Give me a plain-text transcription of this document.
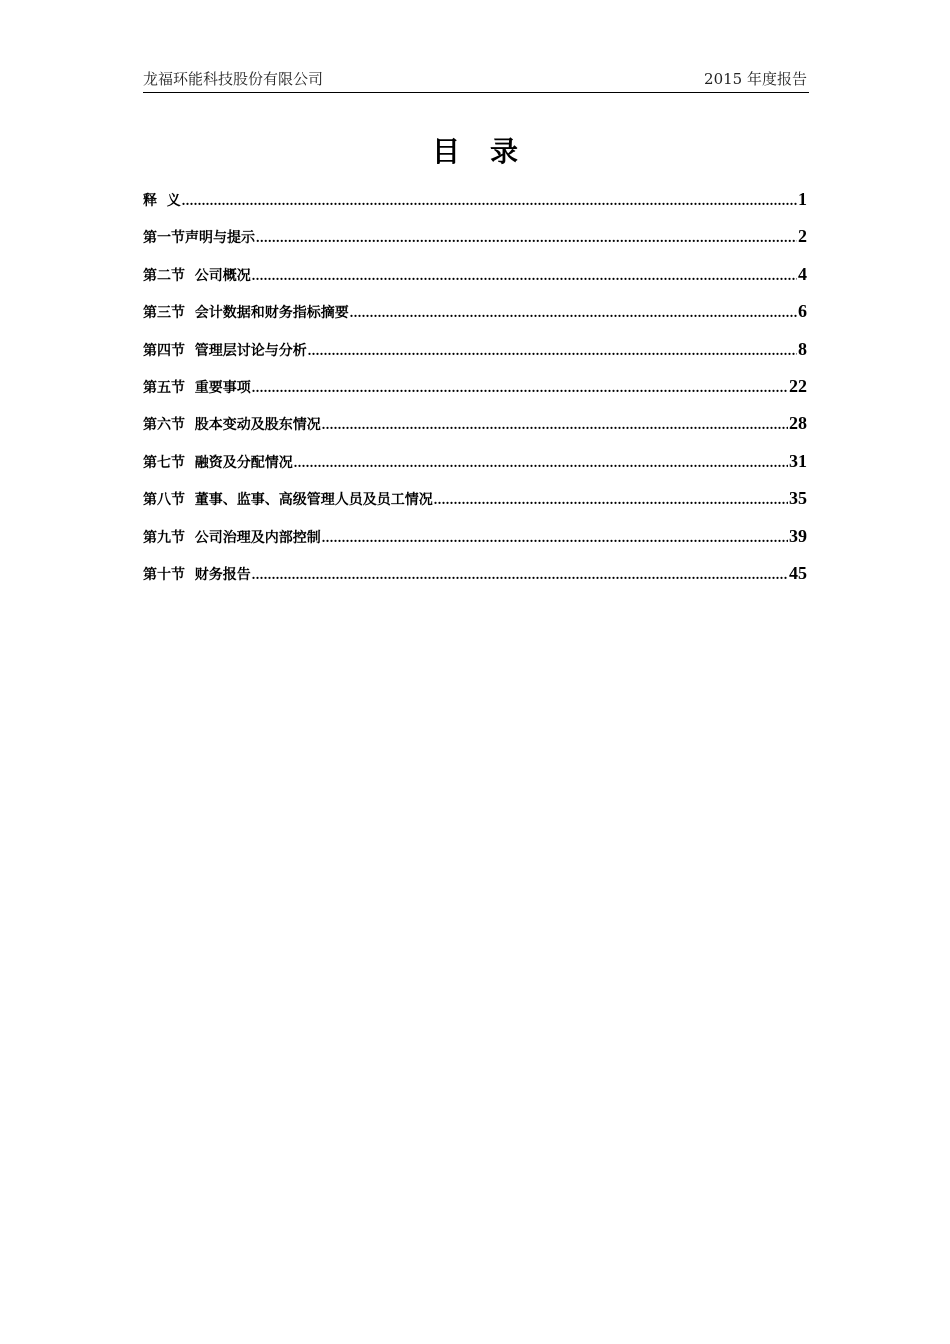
龙福环能科技股份有限公司	2015 年度报告
目录
释  义 .....	1
第一节声明与提示 .....	2
第二节  公司概况 .....	4
第三节  会计数据和财务指标摘要 .....	6
第四节  管理层讨论与分析 .....	8
第五节  重要事项 .....	22
第六节  股本变动及股东情况 .....	28
第七节  融资及分配情况 .....	31
第八节  董事、监事、高级管理人员及员工情况 .....	35
第九节  公司治理及内部控制 .....	39
第十节  财务报告 .....	45
